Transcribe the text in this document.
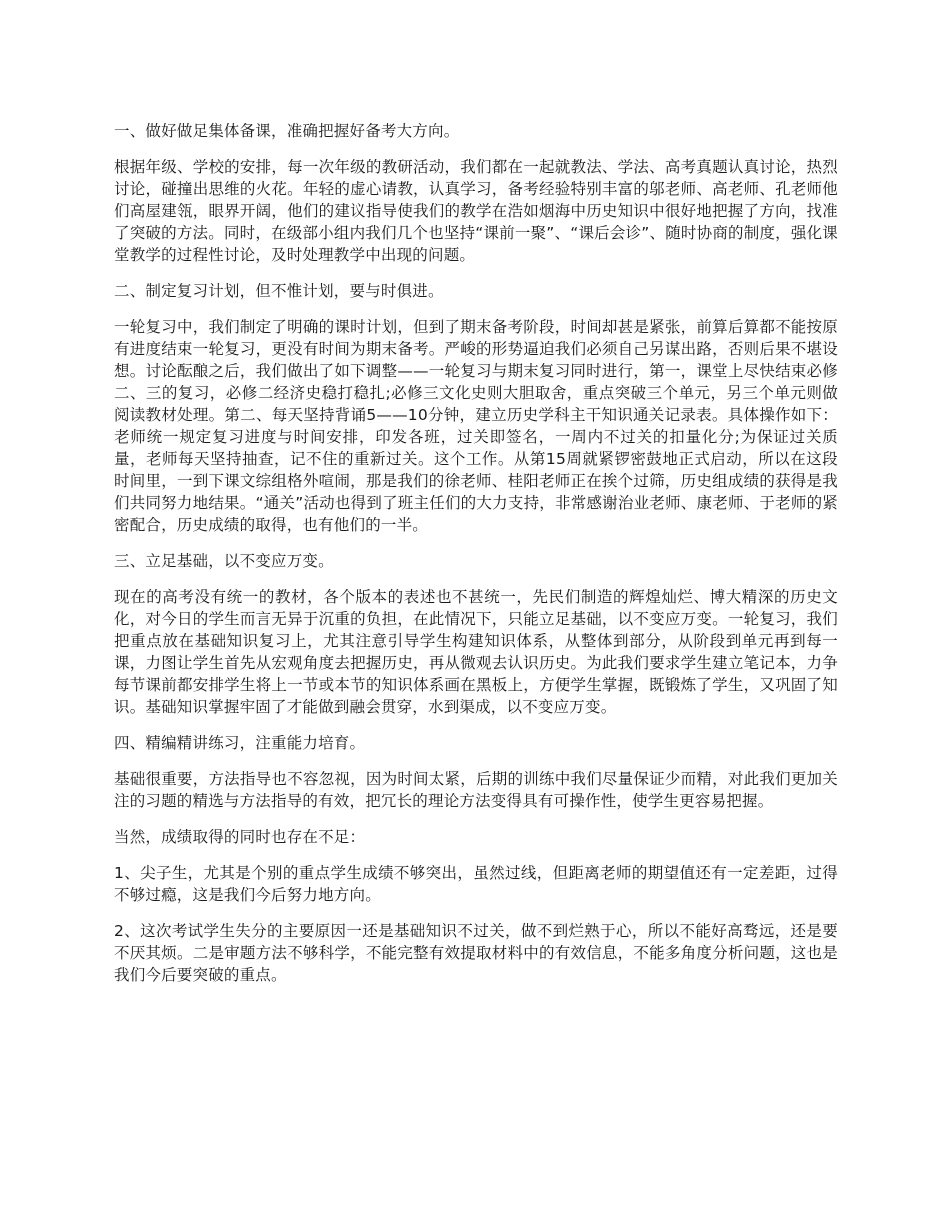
一、做好做足集体备课，准确把握好备考大方向。

根据年级、学校的安排，每一次年级的教研活动，我们都在一起就教法、学法、高考真题认真讨论，热烈讨论，碰撞出思维的火花。年轻的虚心请教，认真学习，备考经验特别丰富的邬老师、高老师、孔老师他们高屋建瓴，眼界开阔，他们的建议指导使我们的教学在浩如烟海中历史知识中很好地把握了方向，找准了突破的方法。同时，在级部小组内我们几个也坚持“课前一聚”、“课后会诊”、随时协商的制度，强化课堂教学的过程性讨论，及时处理教学中出现的问题。

二、制定复习计划，但不惟计划，要与时俱进。

一轮复习中，我们制定了明确的课时计划，但到了期末备考阶段，时间却甚是紧张，前算后算都不能按原有进度结束一轮复习，更没有时间为期末备考。严峻的形势逼迫我们必须自己另谋出路，否则后果不堪设想。讨论酝酿之后，我们做出了如下调整——一轮复习与期末复习同时进行，第一，课堂上尽快结束必修二、三的复习，必修二经济史稳打稳扎;必修三文化史则大胆取舍，重点突破三个单元，另三个单元则做阅读教材处理。第二、每天坚持背诵5——10分钟，建立历史学科主干知识通关记录表。具体操作如下：老师统一规定复习进度与时间安排，印发各班，过关即签名，一周内不过关的扣量化分;为保证过关质量，老师每天坚持抽查，记不住的重新过关。这个工作。从第15周就紧锣密鼓地正式启动，所以在这段时间里，一到下课文综组格外喧闹，那是我们的徐老师、桂阳老师正在挨个过筛，历史组成绩的获得是我们共同努力地结果。“通关”活动也得到了班主任们的大力支持，非常感谢治业老师、康老师、于老师的紧密配合，历史成绩的取得，也有他们的一半。

三、立足基础，以不变应万变。

现在的高考没有统一的教材，各个版本的表述也不甚统一，先民们制造的辉煌灿烂、博大精深的历史文化，对今日的学生而言无异于沉重的负担，在此情况下，只能立足基础，以不变应万变。一轮复习，我们把重点放在基础知识复习上，尤其注意引导学生构建知识体系，从整体到部分，从阶段到单元再到每一课，力图让学生首先从宏观角度去把握历史，再从微观去认识历史。为此我们要求学生建立笔记本，力争每节课前都安排学生将上一节或本节的知识体系画在黑板上，方便学生掌握，既锻炼了学生，又巩固了知识。基础知识掌握牢固了才能做到融会贯穿，水到渠成，以不变应万变。

四、精编精讲练习，注重能力培育。

基础很重要，方法指导也不容忽视，因为时间太紧，后期的训练中我们尽量保证少而精，对此我们更加关注的习题的精选与方法指导的有效，把冗长的理论方法变得具有可操作性，使学生更容易把握。

当然，成绩取得的同时也存在不足：

1、尖子生，尤其是个别的重点学生成绩不够突出，虽然过线，但距离老师的期望值还有一定差距，过得不够过瘾，这是我们今后努力地方向。

2、这次考试学生失分的主要原因一还是基础知识不过关，做不到烂熟于心，所以不能好高骛远，还是要不厌其烦。二是审题方法不够科学，不能完整有效提取材料中的有效信息，不能多角度分析问题，这也是我们今后要突破的重点。
